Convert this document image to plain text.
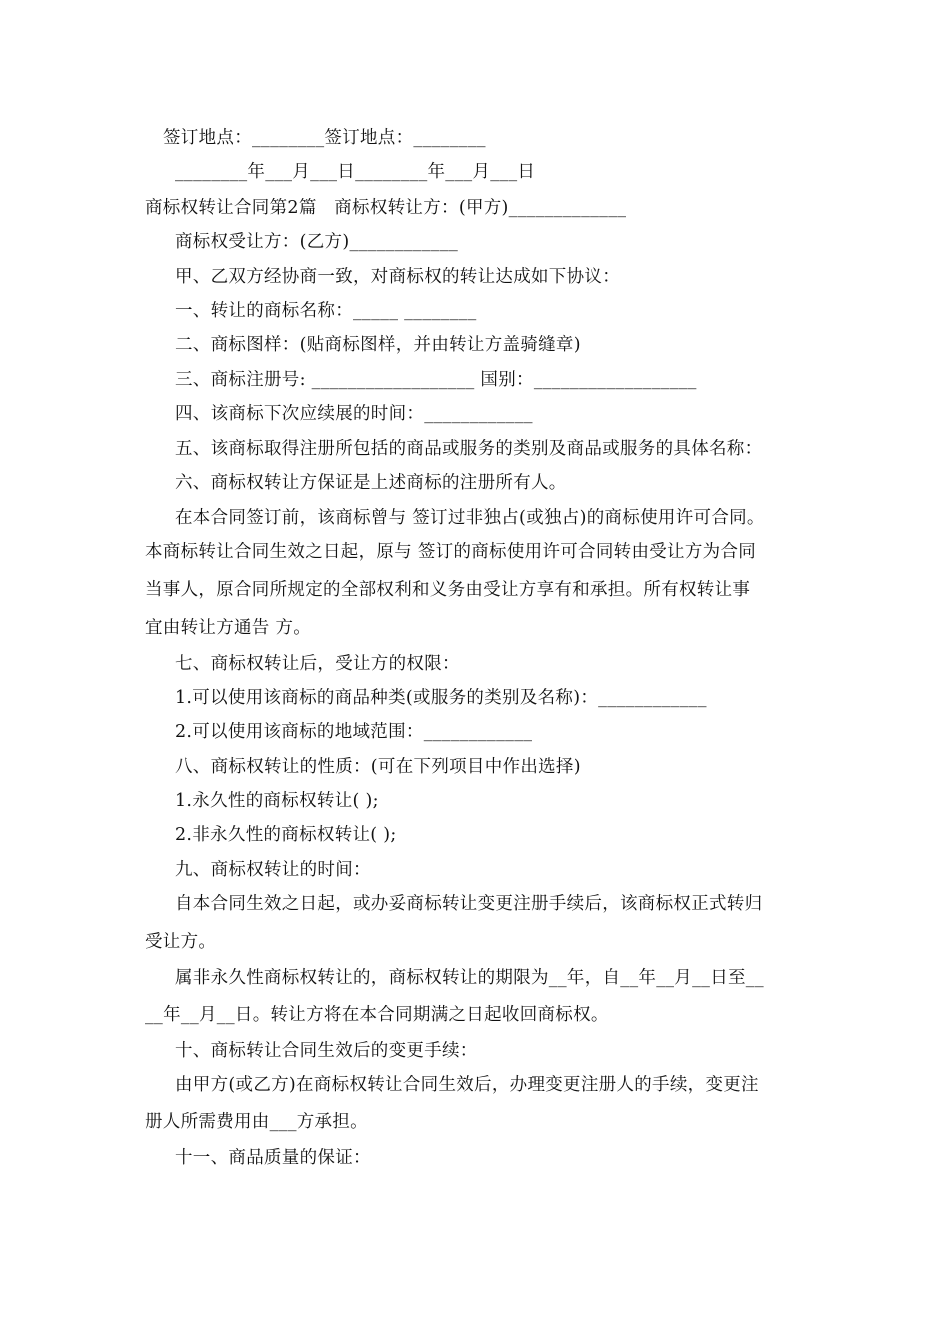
签订地点：________签订地点：________
________年___月___日________年___月___日
商标权转让合同第2篇   商标权转让方：(甲方)_____________
商标权受让方：(乙方)____________
甲、乙双方经协商一致，对商标权的转让达成如下协议：
一、转让的商标名称：_____ ________
二、商标图样：(贴商标图样，并由转让方盖骑缝章)
三、商标注册号: __________________ 国别：__________________
四、该商标下次应续展的时间：____________
五、该商标取得注册所包括的商品或服务的类别及商品或服务的具体名称：
六、商标权转让方保证是上述商标的注册所有人。
在本合同签订前，该商标曾与 签订过非独占(或独占)的商标使用许可合同。
本商标转让合同生效之日起，原与 签订的商标使用许可合同转由受让方为合同
当事人，原合同所规定的全部权利和义务由受让方享有和承担。所有权转让事
宜由转让方通告 方。
七、商标权转让后，受让方的权限：
1.可以使用该商标的商品种类(或服务的类别及名称)：____________
2.可以使用该商标的地域范围：____________
八、商标权转让的性质：(可在下列项目中作出选择)
1.永久性的商标权转让( );
2.非永久性的商标权转让( );
九、商标权转让的时间：
自本合同生效之日起，或办妥商标转让变更注册手续后，该商标权正式转归
受让方。
属非永久性商标权转让的，商标权转让的期限为__年，自__年__月__日至__
__年__月__日。转让方将在本合同期满之日起收回商标权。
十、商标转让合同生效后的变更手续：
由甲方(或乙方)在商标权转让合同生效后，办理变更注册人的手续，变更注
册人所需费用由___方承担。
十一、商品质量的保证：
